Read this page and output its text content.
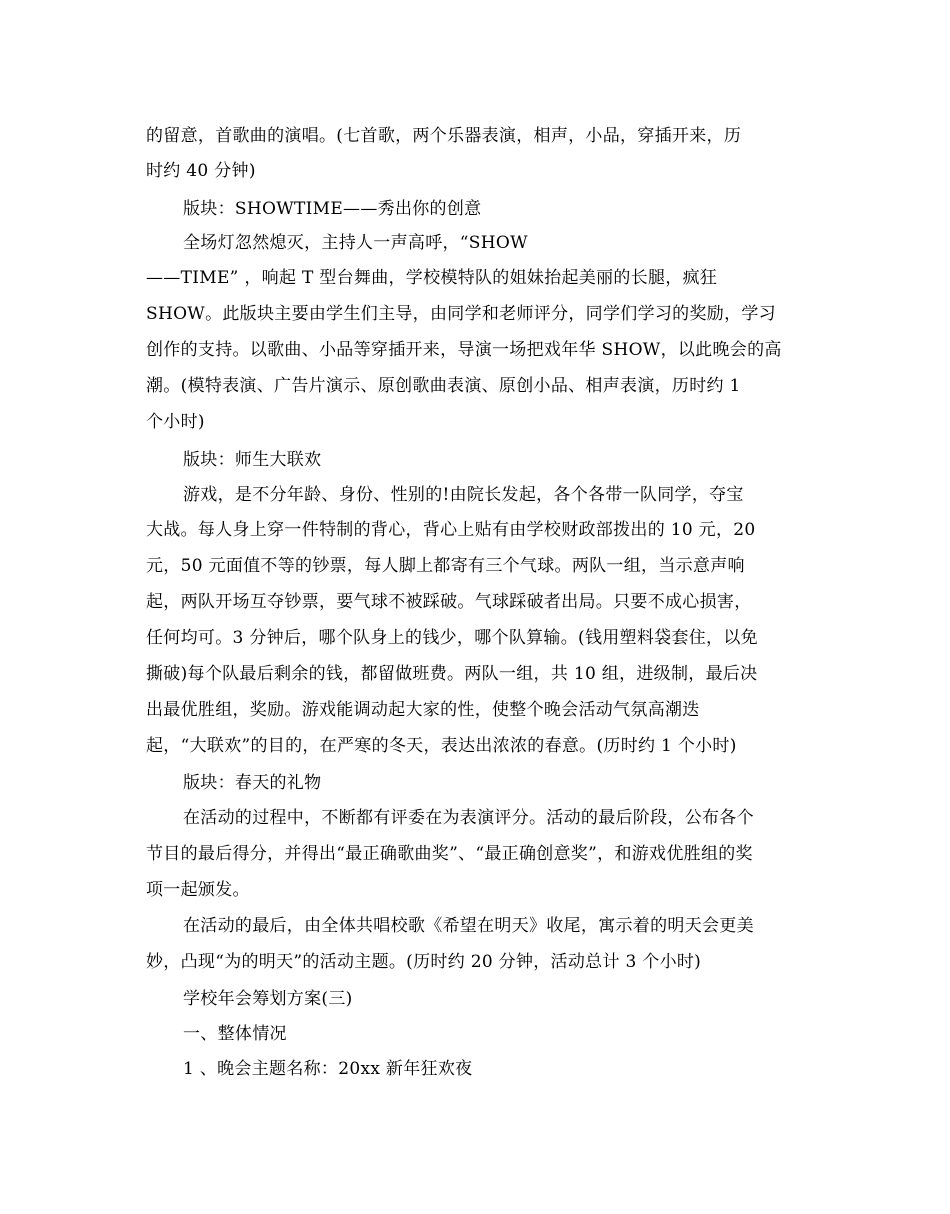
的留意，首歌曲的演唱。(七首歌，两个乐器表演，相声，小品，穿插开来，历
时约 40 分钟)
版块：SHOWTIME——秀出你的创意
全场灯忽然熄灭，主持人一声高呼，“SHOW
——TIME” ，响起 T 型台舞曲，学校模特队的姐妹抬起美丽的长腿，疯狂
SHOW。此版块主要由学生们主导，由同学和老师评分，同学们学习的奖励，学习
创作的支持。以歌曲、小品等穿插开来，导演一场把戏年华 SHOW，以此晚会的高
潮。(模特表演、广告片演示、原创歌曲表演、原创小品、相声表演，历时约 1
个小时)
版块：师生大联欢
游戏，是不分年龄、身份、性别的!由院长发起，各个各带一队同学，夺宝
大战。每人身上穿一件特制的背心，背心上贴有由学校财政部拨出的 10 元，20
元，50 元面值不等的钞票，每人脚上都寄有三个气球。两队一组，当示意声响
起，两队开场互夺钞票，要气球不被踩破。气球踩破者出局。只要不成心损害，
任何均可。3 分钟后，哪个队身上的钱少，哪个队算输。(钱用塑料袋套住，以免
撕破)每个队最后剩余的钱，都留做班费。两队一组，共 10 组，进级制，最后决
出最优胜组，奖励。游戏能调动起大家的性，使整个晚会活动气氛高潮迭
起，“大联欢”的目的，在严寒的冬天，表达出浓浓的春意。(历时约 1 个小时)
版块：春天的礼物
在活动的过程中，不断都有评委在为表演评分。活动的最后阶段，公布各个
节目的最后得分，并得出“最正确歌曲奖”、“最正确创意奖”，和游戏优胜组的奖
项一起颁发。
在活动的最后，由全体共唱校歌《希望在明天》收尾，寓示着的明天会更美
妙，凸现“为的明天”的活动主题。(历时约 20 分钟，活动总计 3 个小时)
学校年会筹划方案(三)
一、整体情况
1 、晚会主题名称：20xx 新年狂欢夜
